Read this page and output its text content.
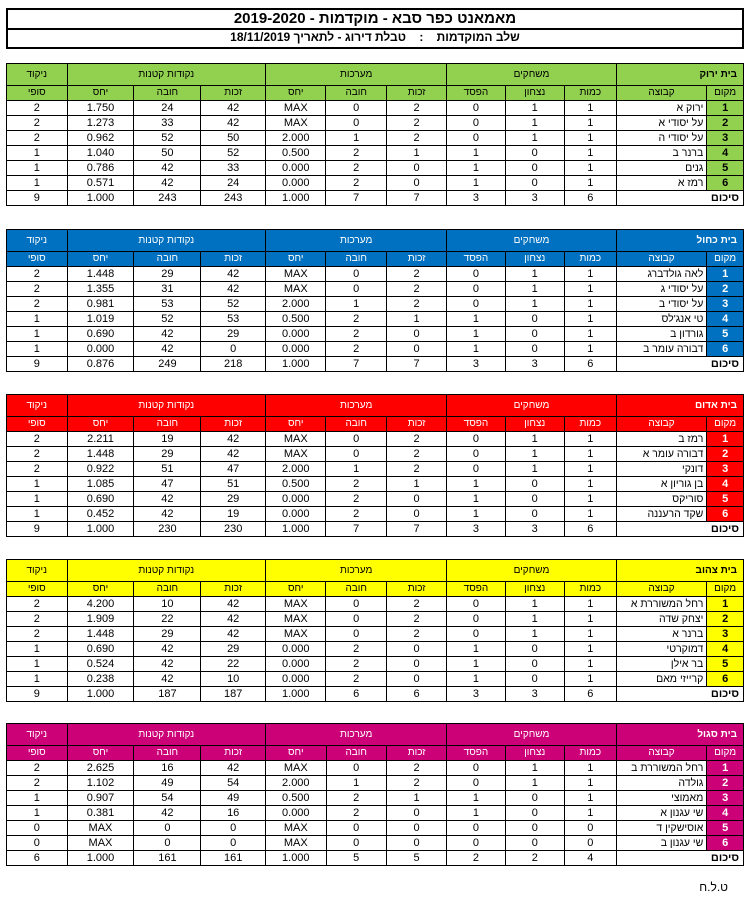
מאמאנט כפר סבא - מוקדמות - 2019-2020
שלב המוקדמות    :    טבלת דירוג - לתאריך 18/11/2019
בית ירוק		משחקים			מערכות			נקודות קטנות			ניקוד
מקום	קבוצה	כמות	נצחון	הפסד	זכות	חובה	יחס	זכות	חובה	יחס	סופי
1	ירוק א	1	1	0	2	0	MAX	42	24	1.750	2
2	על יסודי א	1	1	0	2	0	MAX	42	33	1.273	2
3	על יסודי ה	1	1	0	2	1	2.000	50	52	0.962	2
4	ברנר ב	1	0	1	1	2	0.500	52	50	1.040	1
5	גנים	1	0	1	0	2	0.000	33	42	0.786	1
6	רמז א	1	0	1	0	2	0.000	24	42	0.571	1
סיכום		6	3	3	7	7	1.000	243	243	1.000	9
בית כחול		משחקים			מערכות			נקודות קטנות			ניקוד
מקום	קבוצה	כמות	נצחון	הפסד	זכות	חובה	יחס	זכות	חובה	יחס	סופי
1	לאה גולדברג	1	1	0	2	0	MAX	42	29	1.448	2
2	על יסודי ג	1	1	0	2	0	MAX	42	31	1.355	2
3	על יסודי ב	1	1	0	2	1	2.000	52	53	0.981	2
4	טי אנג'לס	1	0	1	1	2	0.500	53	52	1.019	1
5	גורדון ב	1	0	1	0	2	0.000	29	42	0.690	1
6	דבורה עומר ב	1	0	1	0	2	0.000	0	42	0.000	1
סיכום		6	3	3	7	7	1.000	218	249	0.876	9
בית אדום		משחקים			מערכות			נקודות קטנות			ניקוד
מקום	קבוצה	כמות	נצחון	הפסד	זכות	חובה	יחס	זכות	חובה	יחס	סופי
1	רמז ב	1	1	0	2	0	MAX	42	19	2.211	2
2	דבורה עומר א	1	1	0	2	0	MAX	42	29	1.448	2
3	דונקי	1	1	0	2	1	2.000	47	51	0.922	2
4	בן גוריון א	1	0	1	1	2	0.500	51	47	1.085	1
5	סוריקס	1	0	1	0	2	0.000	29	42	0.690	1
6	שקד הרעננה	1	0	1	0	2	0.000	19	42	0.452	1
סיכום		6	3	3	7	7	1.000	230	230	1.000	9
בית צהוב		משחקים			מערכות			נקודות קטנות			ניקוד
מקום	קבוצה	כמות	נצחון	הפסד	זכות	חובה	יחס	זכות	חובה	יחס	סופי
1	רחל המשוררת א	1	1	0	2	0	MAX	42	10	4.200	2
2	יצחק שדה	1	1	0	2	0	MAX	42	22	1.909	2
3	ברנר א	1	1	0	2	0	MAX	42	29	1.448	2
4	דמוקרטי	1	0	1	0	2	0.000	29	42	0.690	1
5	בר אילן	1	0	1	0	2	0.000	22	42	0.524	1
6	קרייזי מאם	1	0	1	0	2	0.000	10	42	0.238	1
סיכום		6	3	3	6	6	1.000	187	187	1.000	9
בית סגול		משחקים			מערכות			נקודות קטנות			ניקוד
מקום	קבוצה	כמות	נצחון	הפסד	זכות	חובה	יחס	זכות	חובה	יחס	סופי
1	רחל המשוררת ב	1	1	0	2	0	MAX	42	16	2.625	2
2	גולדה	1	1	0	2	1	2.000	54	49	1.102	2
3	מאמוצי	1	0	1	1	2	0.500	49	54	0.907	1
4	שי עגנון א	1	0	1	0	2	0.000	16	42	0.381	1
5	אוסישקין ד	0	0	0	0	0	MAX	0	0	MAX	0
6	שי עגנון ב	0	0	0	0	0	MAX	0	0	MAX	0
סיכום		4	2	2	5	5	1.000	161	161	1.000	6
ט.ל.ח
